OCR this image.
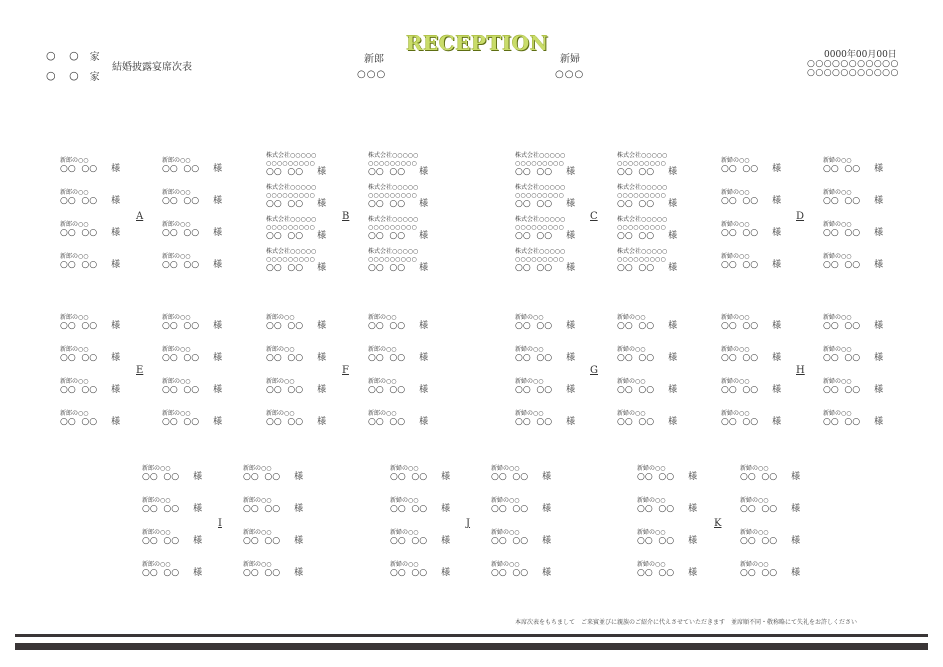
○ ○ 家
○ ○ 家
結婚披露宴席次表
新郎
○○○
新婦
○○○
RECEPTION	0000年00月00日
○○○○○○○○○○○
○○○○○○○○○○○
A
新郎の○○
○○  ○○ 様
新郎の○○
○○  ○○ 様
新郎の○○
○○  ○○ 様
新郎の○○
○○  ○○ 様
新郎の○○
○○  ○○ 様
新郎の○○
○○  ○○ 様
新郎の○○
○○  ○○ 様
新郎の○○
○○  ○○ 様
B
株式会社○○○○○
○○○○○○○○○
○○  ○○ 様
株式会社○○○○○
○○○○○○○○○
○○  ○○ 様
株式会社○○○○○
○○○○○○○○○
○○  ○○ 様
株式会社○○○○○
○○○○○○○○○
○○  ○○ 様
株式会社○○○○○
○○○○○○○○○
○○  ○○ 様
株式会社○○○○○
○○○○○○○○○
○○  ○○ 様
株式会社○○○○○
○○○○○○○○○
○○  ○○ 様
株式会社○○○○○
○○○○○○○○○
○○  ○○ 様
C
株式会社○○○○○
○○○○○○○○○
○○  ○○ 様
株式会社○○○○○
○○○○○○○○○
○○  ○○ 様
株式会社○○○○○
○○○○○○○○○
○○  ○○ 様
株式会社○○○○○
○○○○○○○○○
○○  ○○ 様
株式会社○○○○○
○○○○○○○○○
○○  ○○ 様
株式会社○○○○○
○○○○○○○○○
○○  ○○ 様
株式会社○○○○○
○○○○○○○○○
○○  ○○ 様
株式会社○○○○○
○○○○○○○○○
○○  ○○ 様
D
新婦の○○
○○  ○○ 様
新婦の○○
○○  ○○ 様
新婦の○○
○○  ○○ 様
新婦の○○
○○  ○○ 様
新婦の○○
○○  ○○ 様
新婦の○○
○○  ○○ 様
新婦の○○
○○  ○○ 様
新婦の○○
○○  ○○ 様
E
新郎の○○
○○  ○○ 様
新郎の○○
○○  ○○ 様
新郎の○○
○○  ○○ 様
新郎の○○
○○  ○○ 様
新郎の○○
○○  ○○ 様
新郎の○○
○○  ○○ 様
新郎の○○
○○  ○○ 様
新郎の○○
○○  ○○ 様
F
新郎の○○
○○  ○○ 様
新郎の○○
○○  ○○ 様
新郎の○○
○○  ○○ 様
新郎の○○
○○  ○○ 様
新郎の○○
○○  ○○ 様
新郎の○○
○○  ○○ 様
新郎の○○
○○  ○○ 様
新郎の○○
○○  ○○ 様
G
新婦の○○
○○  ○○ 様
新婦の○○
○○  ○○ 様
新婦の○○
○○  ○○ 様
新婦の○○
○○  ○○ 様
新婦の○○
○○  ○○ 様
新婦の○○
○○  ○○ 様
新婦の○○
○○  ○○ 様
新婦の○○
○○  ○○ 様
H
新婦の○○
○○  ○○ 様
新婦の○○
○○  ○○ 様
新婦の○○
○○  ○○ 様
新婦の○○
○○  ○○ 様
新婦の○○
○○  ○○ 様
新婦の○○
○○  ○○ 様
新婦の○○
○○  ○○ 様
新婦の○○
○○  ○○ 様
I
新郎の○○
○○  ○○ 様
新郎の○○
○○  ○○ 様
新郎の○○
○○  ○○ 様
新郎の○○
○○  ○○ 様
新郎の○○
○○  ○○ 様
新郎の○○
○○  ○○ 様
新郎の○○
○○  ○○ 様
新郎の○○
○○  ○○ 様
J
新婦の○○
○○  ○○ 様
新婦の○○
○○  ○○ 様
新婦の○○
○○  ○○ 様
新婦の○○
○○  ○○ 様
新婦の○○
○○  ○○ 様
新婦の○○
○○  ○○ 様
新婦の○○
○○  ○○ 様
新婦の○○
○○  ○○ 様
K
新婦の○○
○○  ○○ 様
新婦の○○
○○  ○○ 様
新婦の○○
○○  ○○ 様
新婦の○○
○○  ○○ 様
新婦の○○
○○  ○○ 様
新婦の○○
○○  ○○ 様
新婦の○○
○○  ○○ 様
新婦の○○
○○  ○○ 様
本席次表をもちまして　ご来賓並びに親族のご紹介に代えさせていただきます　並席順不同・敬称略にて失礼をお許しください
